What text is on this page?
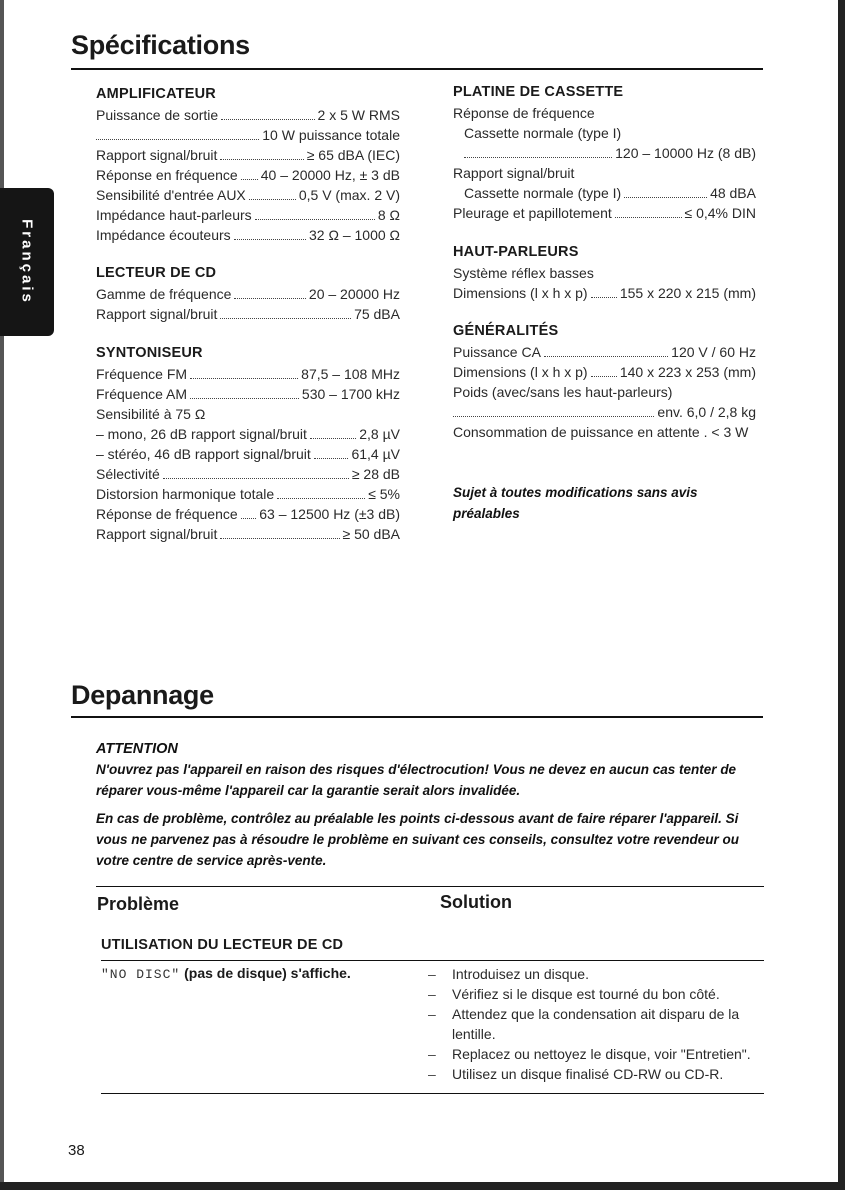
Français
Spécifications
AMPLIFICATEUR
Puissance de sortie	2 x 5 W RMS
10 W puissance totale
Rapport signal/bruit	≥ 65 dBA (IEC)
Réponse en fréquence 40 – 20000 Hz, ± 3 dB
Sensibilité d'entrée AUX	0,5 V (max. 2 V)
Impédance haut-parleurs	8 Ω
Impédance écouteurs	32 Ω – 1000 Ω
LECTEUR DE CD
Gamme de fréquence	20 – 20000 Hz
Rapport signal/bruit	75 dBA
SYNTONISEUR
Fréquence FM	87,5 – 108 MHz
Fréquence AM	530 – 1700 kHz
Sensibilité à 75 Ω
– mono, 26 dB rapport signal/bruit	2,8 µV
– stéréo, 46 dB rapport signal/bruit	61,4 µV
Sélectivité	≥ 28 dB
Distorsion harmonique totale	≤ 5%
Réponse de fréquence 63 – 12500 Hz (±3 dB)
Rapport signal/bruit	≥ 50 dBA
PLATINE DE CASSETTE
Réponse de fréquence
Cassette normale (type I)
120 – 10000 Hz (8 dB)
Rapport signal/bruit
Cassette normale (type I)	48 dBA
Pleurage et papillotement	≤ 0,4% DIN
HAUT-PARLEURS
Système réflex basses
Dimensions (l x h x p) 155 x 220 x 215 (mm)
GÉNÉRALITÉS
Puissance CA	120 V / 60 Hz
Dimensions (l x h x p) 140 x 223 x 253 (mm)
Poids (avec/sans les haut-parleurs)
env. 6,0 / 2,8 kg
Consommation de puissance en attente . < 3 W
Sujet à toutes modifications sans avis préalables
Depannage
ATTENTION
N'ouvrez pas l'appareil en raison des risques d'électrocution! Vous ne devez en aucun cas tenter de réparer vous-même l'appareil car la garantie serait alors invalidée.
En cas de problème, contrôlez au préalable les points ci-dessous avant de faire réparer l'appareil. Si vous ne parvenez pas à résoudre le problème en suivant ces conseils, consultez votre revendeur ou votre centre de service après-vente.
Problème	Solution
UTILISATION DU LECTEUR DE CD
"NO DISC" (pas de disque) s'affiche.	– Introduisez un disque.
– Vérifiez si le disque est tourné du bon côté.
– Attendez que la condensation ait disparu de la lentille.
– Replacez ou nettoyez le disque, voir "Entretien".
– Utilisez un disque finalisé CD-RW ou CD-R.
38
